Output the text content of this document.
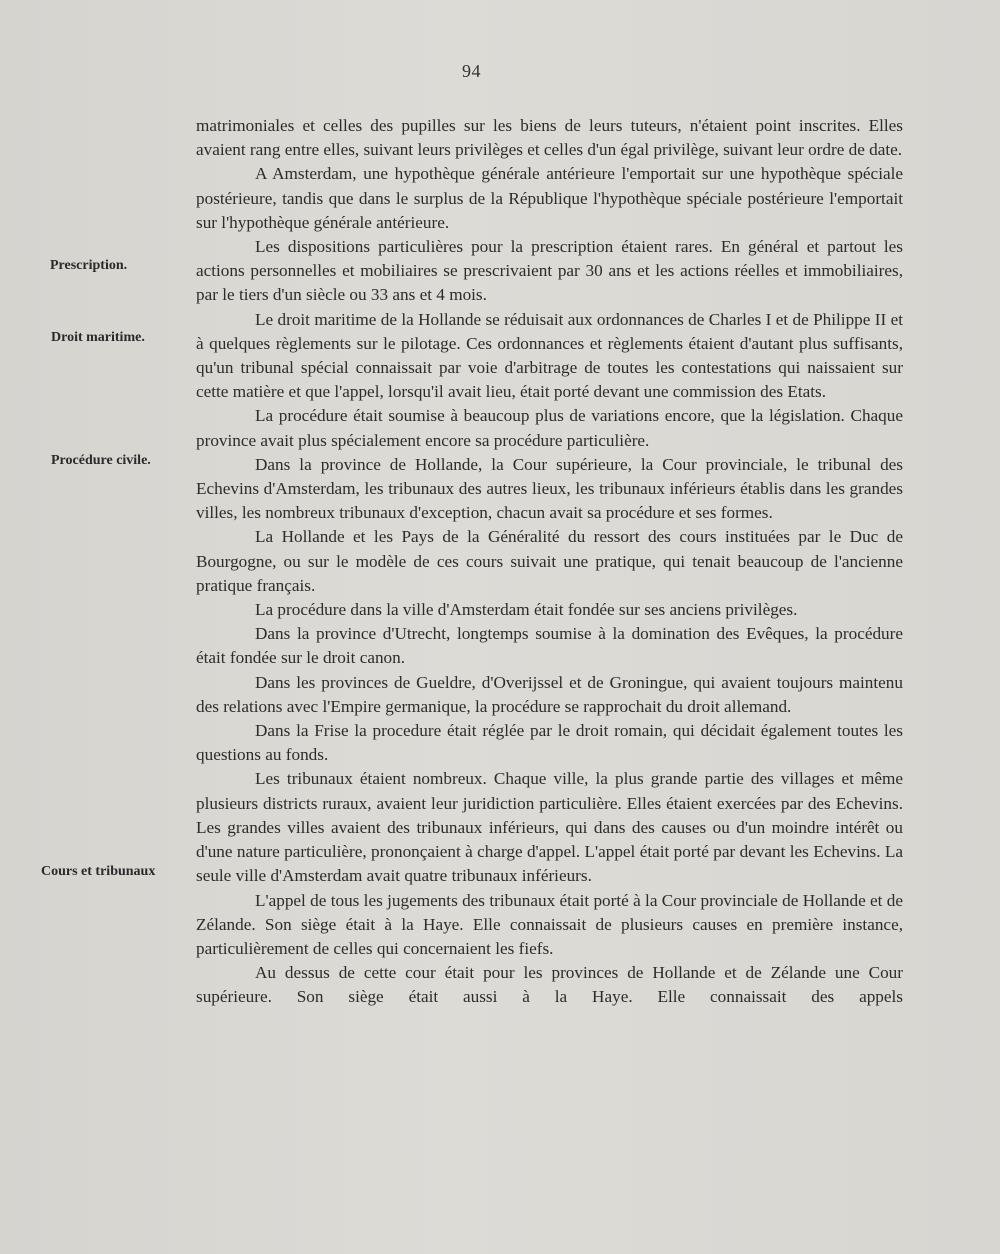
94
Prescription.
Droit maritime.
Procédure civile.
Cours et tribunaux

matrimoniales et celles des pupilles sur les biens de leurs tuteurs, n'étaient point inscrites. Elles avaient rang entre elles, suivant leurs privilèges et celles d'un égal privilège, suivant leur ordre de date.

A Amsterdam, une hypothèque générale antérieure l'emportait sur une hypothèque spéciale postérieure, tandis que dans le surplus de la République l'hypothèque spéciale postérieure l'emportait sur l'hypothèque générale antérieure.

Les dispositions particulières pour la prescription étaient rares. En général et partout les actions personnelles et mobiliaires se prescrivaient par 30 ans et les actions réelles et immobiliaires, par le tiers d'un siècle ou 33 ans et 4 mois.

Le droit maritime de la Hollande se réduisait aux ordonnances de Charles I et de Philippe II et à quelques règlements sur le pilotage. Ces ordonnances et règlements étaient d'autant plus suffisants, qu'un tribunal spécial connaissait par voie d'arbitrage de toutes les contestations qui naissaient sur cette matière et que l'appel, lorsqu'il avait lieu, était porté devant une commission des Etats.

La procédure était soumise à beaucoup plus de variations encore, que la législation. Chaque province avait plus spécialement encore sa procédure particulière.

Dans la province de Hollande, la Cour supérieure, la Cour provinciale, le tribunal des Echevins d'Amsterdam, les tribunaux des autres lieux, les tribunaux inférieurs établis dans les grandes villes, les nombreux tribunaux d'exception, chacun avait sa procédure et ses formes.

La Hollande et les Pays de la Généralité du ressort des cours instituées par le Duc de Bourgogne, ou sur le modèle de ces cours suivait une pratique, qui tenait beaucoup de l'ancienne pratique français.

La procédure dans la ville d'Amsterdam était fondée sur ses anciens privilèges.

Dans la province d'Utrecht, longtemps soumise à la domination des Evêques, la procédure était fondée sur le droit canon.

Dans les provinces de Gueldre, d'Overijssel et de Groningue, qui avaient toujours maintenu des relations avec l'Empire germanique, la procédure se rapprochait du droit allemand.

Dans la Frise la procedure était réglée par le droit romain, qui décidait également toutes les questions au fonds.

Les tribunaux étaient nombreux. Chaque ville, la plus grande partie des villages et même plusieurs districts ruraux, avaient leur juridiction particulière. Elles étaient exercées par des Echevins. Les grandes villes avaient des tribunaux inférieurs, qui dans des causes ou d'un moindre intérêt ou d'une nature particulière, prononçaient à charge d'appel. L'appel était porté par devant les Echevins. La seule ville d'Amsterdam avait quatre tribunaux inférieurs.

L'appel de tous les jugements des tribunaux était porté à la Cour provinciale de Hollande et de Zélande. Son siège était à la Haye. Elle connaissait de plusieurs causes en première instance, particulièrement de celles qui concernaient les fiefs.

Au dessus de cette cour était pour les provinces de Hollande et de Zélande une Cour supérieure. Son siège était aussi à la Haye. Elle connaissait des appels
